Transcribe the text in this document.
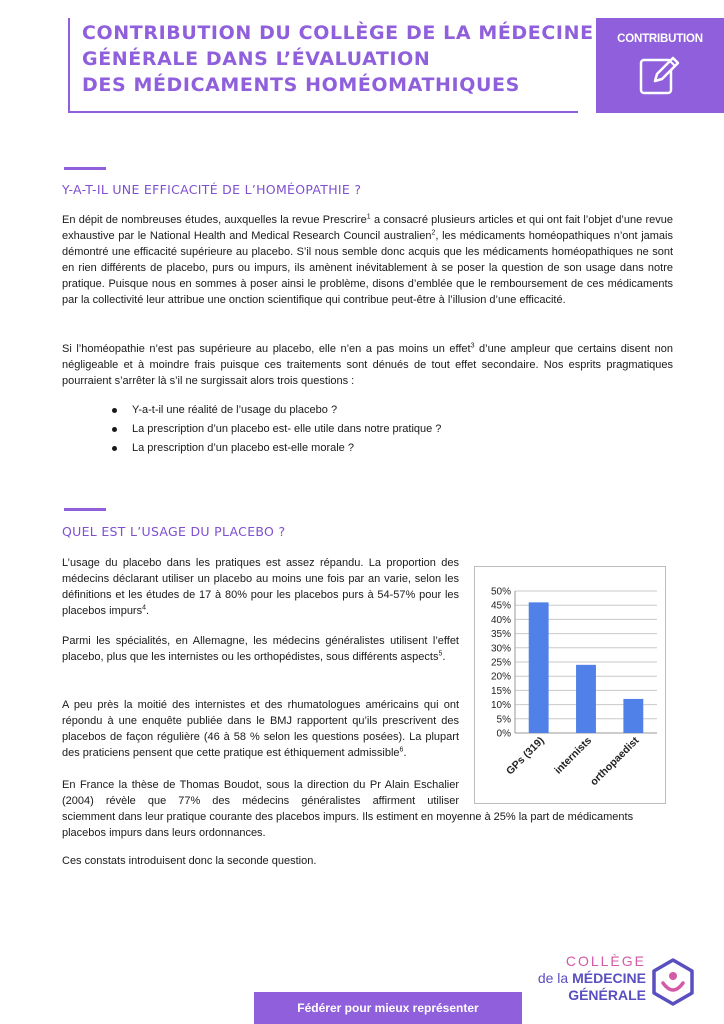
CONTRIBUTION DU COLLÈGE DE LA MÉDECINE
GÉNÉRALE DANS L’ÉVALUATION
DES MÉDICAMENTS HOMÉOMATHIQUES
CONTRIBUTION
Y-A-T-IL UNE EFFICACITÉ DE L’HOMÉOPATHIE ?
En dépit de nombreuses études, auxquelles la revue Prescrire$^1$ a consacré plusieurs articles et qui ont fait l’objet d’une revue exhaustive par le National Health and Medical Research Council australien$^2$, les médicaments homéopathiques n’ont jamais démontré une efficacité supérieure au placebo. S’il nous semble donc acquis que les médicaments homéopathiques ne sont en rien différents de placebo, purs ou impurs, ils amènent inévitablement à se poser la question de son usage dans notre pratique. Puisque nous en sommes à poser ainsi le problème, disons d’emblée que le remboursement de ces médicaments par la collectivité leur attribue une onction scientifique qui contribue peut-être à l’illusion d’une efficacité.
Si l’homéopathie n’est pas supérieure au placebo, elle n’en a pas moins un effet$^3$ d’une ampleur que certains disent non négligeable et à moindre frais puisque ces traitements sont dénués de tout effet secondaire. Nos esprits pragmatiques pourraient s’arrêter là s’il ne surgissait alors trois questions :
Y-a-t-il une réalité de l’usage du placebo ?
La prescription d’un placebo est- elle utile dans notre pratique ?
La prescription d’un placebo est-elle morale ?
QUEL EST L’USAGE DU PLACEBO ?
L’usage du placebo dans les pratiques est assez répandu. La proportion des médecins déclarant utiliser un placebo au moins une fois par an varie, selon les définitions et les études de 17 à 80% pour les placebos purs à 54-57% pour les placebos impurs$^4$.
Parmi les spécialités, en Allemagne, les médecins généralistes utilisent l’effet placebo, plus que les internistes ou les orthopédistes, sous différents aspects$^5$.
A peu près la moitié des internistes et des rhumatologues américains qui ont répondu à une enquête publiée dans le BMJ rapportent qu’ils prescrivent des placebos de façon régulière (46 à 58 % selon les questions posées). La plupart des praticiens pensent que cette pratique est éthiquement admissible$^6$.
En France la thèse de Thomas Boudot, sous la direction du Pr Alain Eschalier
(2004) révèle que 77% des médecins généralistes affirment utiliser
sciemment dans leur pratique courante des placebos impurs. Ils estiment en moyenne à 25% la part de médicaments
placebos impurs dans leurs ordonnances.
Ces constats introduisent donc la seconde question.
0%
5%
10%
15%
20%
25%
30%
35%
40%
45%
50%
GPs (319) internists
orthopaedist
Fédérer pour mieux représenter
COLLÈGE
de la MÉDECINE
GÉNÉRALE
